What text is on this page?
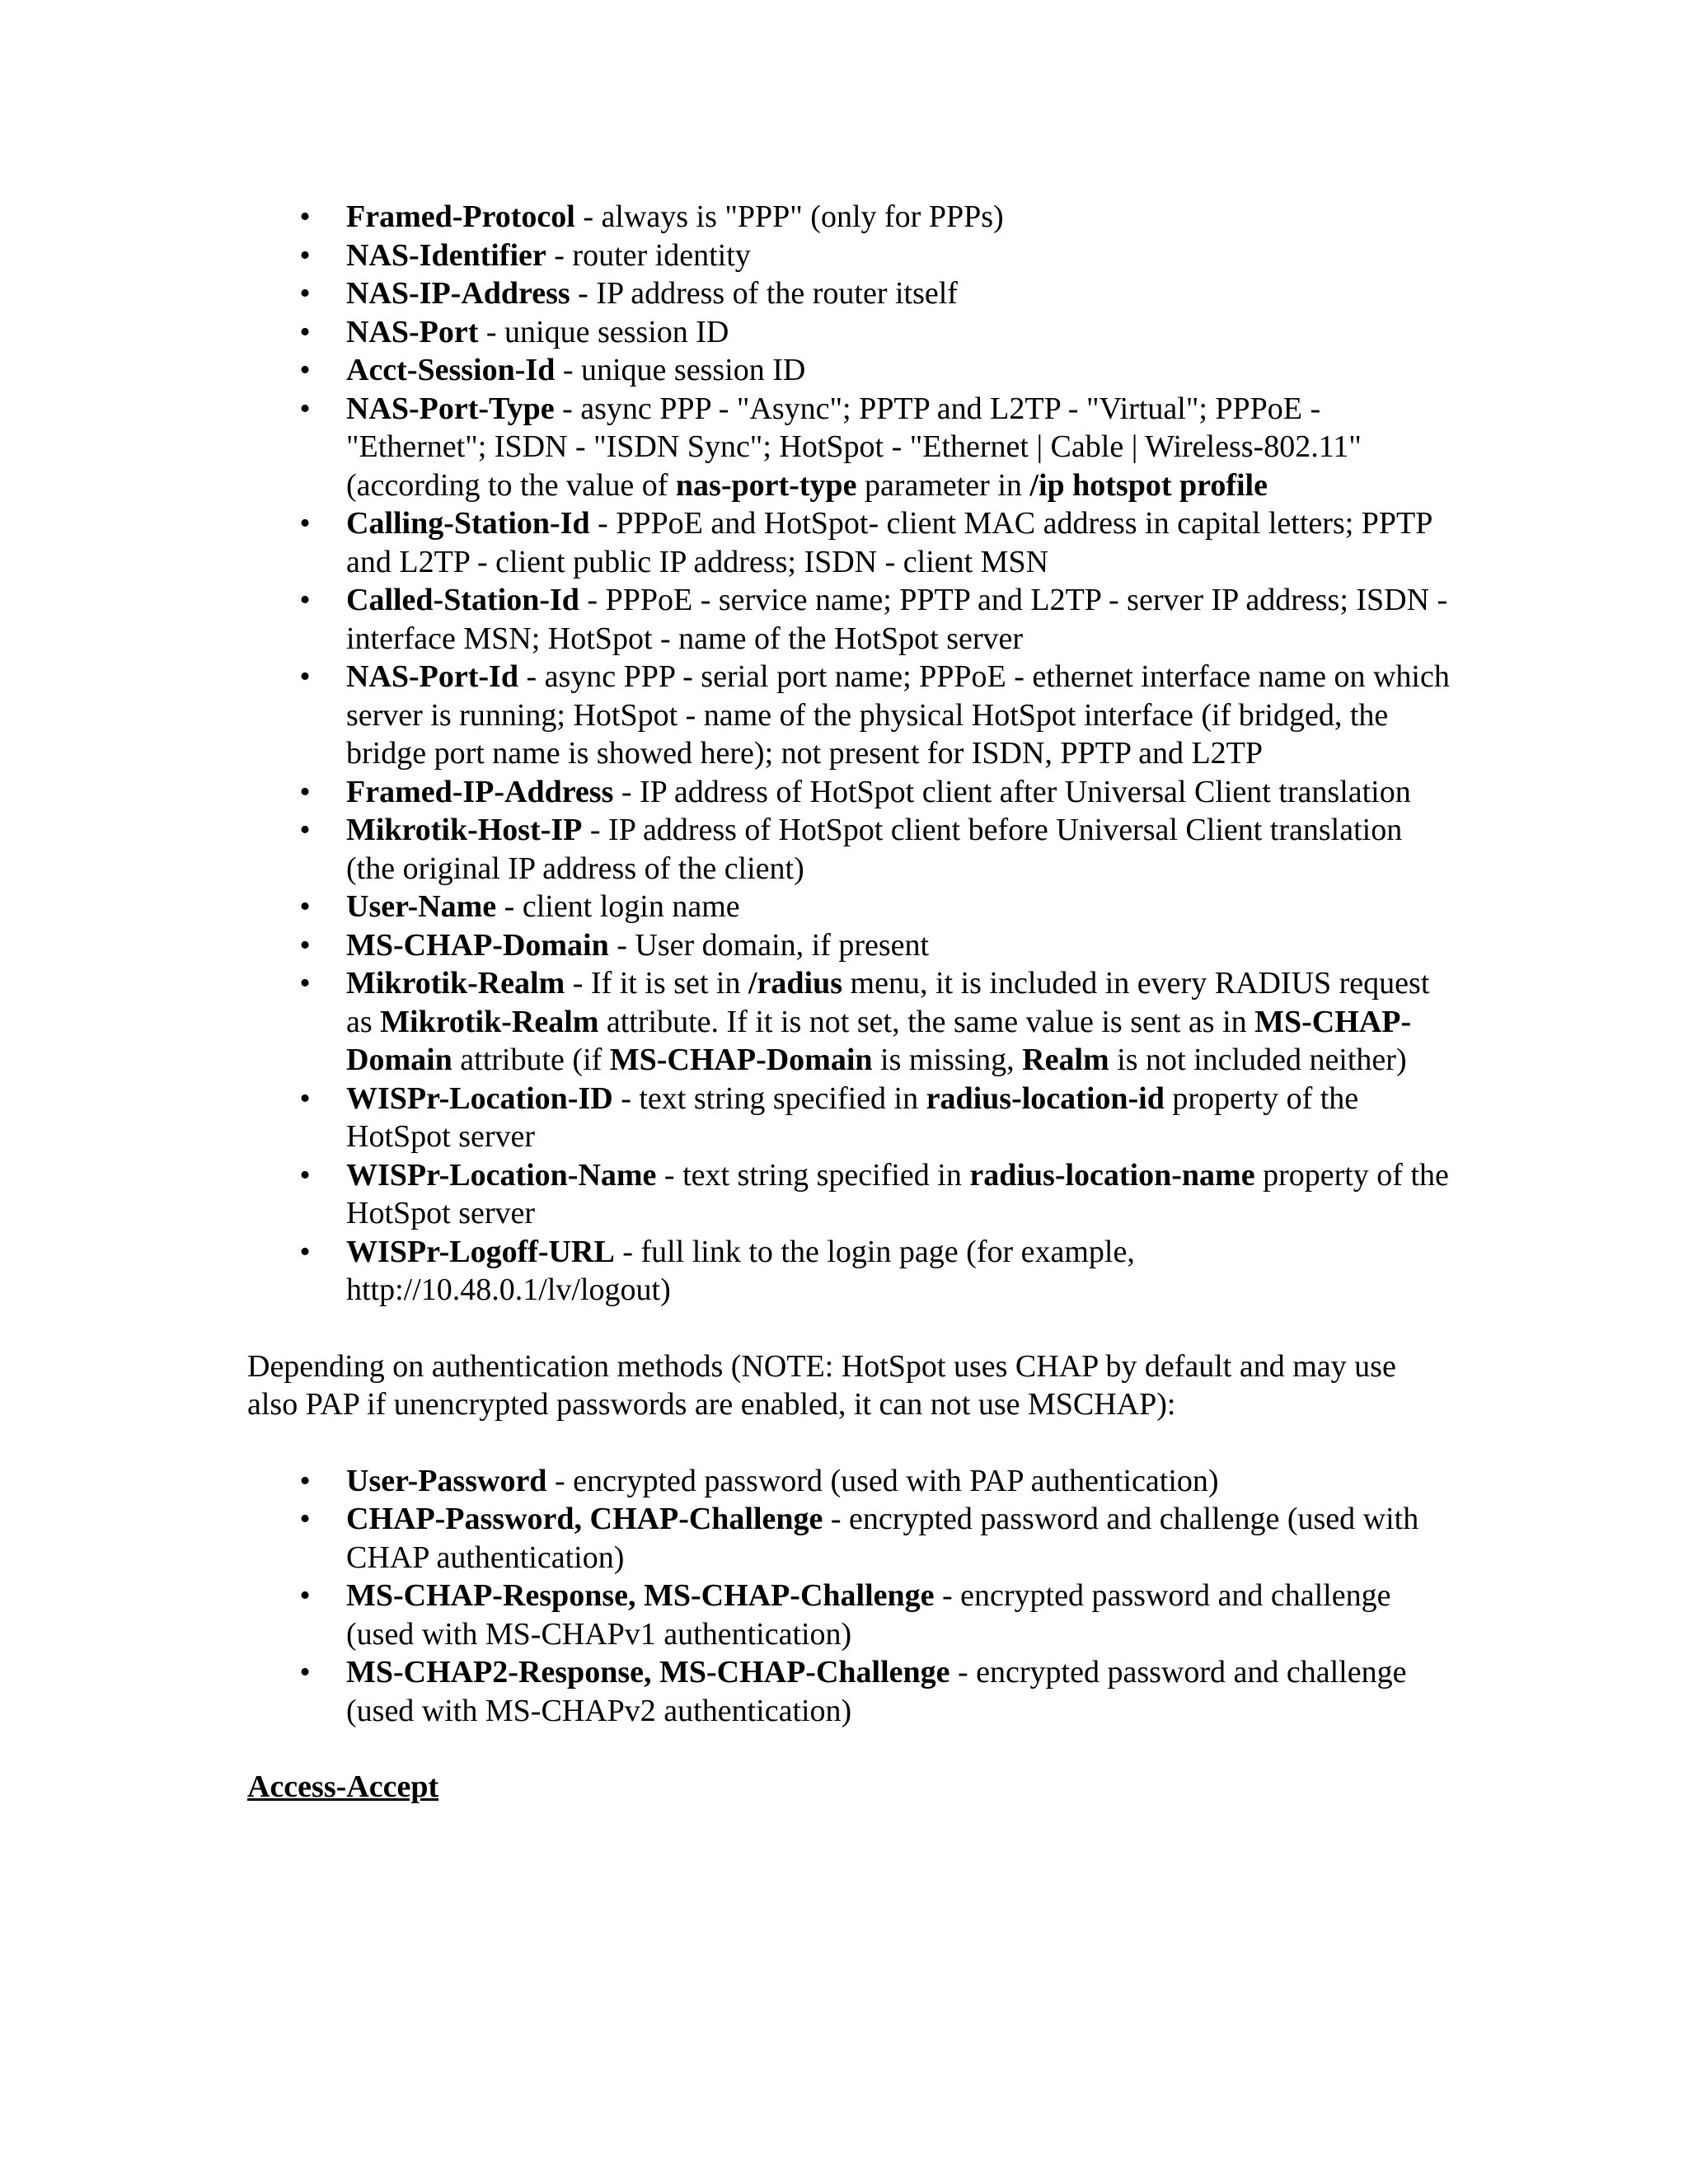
• Framed-Protocol - always is "PPP" (only for PPPs)
• NAS-Identifier - router identity
• NAS-IP-Address - IP address of the router itself
• NAS-Port - unique session ID
• Acct-Session-Id - unique session ID
• NAS-Port-Type - async PPP - "Async"; PPTP and L2TP - "Virtual"; PPPoE - "Ethernet"; ISDN - "ISDN Sync"; HotSpot - "Ethernet | Cable | Wireless-802.11" (according to the value of nas-port-type parameter in /ip hotspot profile
• Calling-Station-Id - PPPoE and HotSpot- client MAC address in capital letters; PPTP and L2TP - client public IP address; ISDN - client MSN
• Called-Station-Id - PPPoE - service name; PPTP and L2TP - server IP address; ISDN - interface MSN; HotSpot - name of the HotSpot server
• NAS-Port-Id - async PPP - serial port name; PPPoE - ethernet interface name on which server is running; HotSpot - name of the physical HotSpot interface (if bridged, the bridge port name is showed here); not present for ISDN, PPTP and L2TP
• Framed-IP-Address - IP address of HotSpot client after Universal Client translation
• Mikrotik-Host-IP - IP address of HotSpot client before Universal Client translation (the original IP address of the client)
• User-Name - client login name
• MS-CHAP-Domain - User domain, if present
• Mikrotik-Realm - If it is set in /radius menu, it is included in every RADIUS request as Mikrotik-Realm attribute. If it is not set, the same value is sent as in MS-CHAP-Domain attribute (if MS-CHAP-Domain is missing, Realm is not included neither)
• WISPr-Location-ID - text string specified in radius-location-id property of the HotSpot server
• WISPr-Location-Name - text string specified in radius-location-name property of the HotSpot server
• WISPr-Logoff-URL - full link to the login page (for example, http://10.48.0.1/lv/logout)

Depending on authentication methods (NOTE: HotSpot uses CHAP by default and may use also PAP if unencrypted passwords are enabled, it can not use MSCHAP):

• User-Password - encrypted password (used with PAP authentication)
• CHAP-Password, CHAP-Challenge - encrypted password and challenge (used with CHAP authentication)
• MS-CHAP-Response, MS-CHAP-Challenge - encrypted password and challenge (used with MS-CHAPv1 authentication)
• MS-CHAP2-Response, MS-CHAP-Challenge - encrypted password and challenge (used with MS-CHAPv2 authentication)
Access-Accept
